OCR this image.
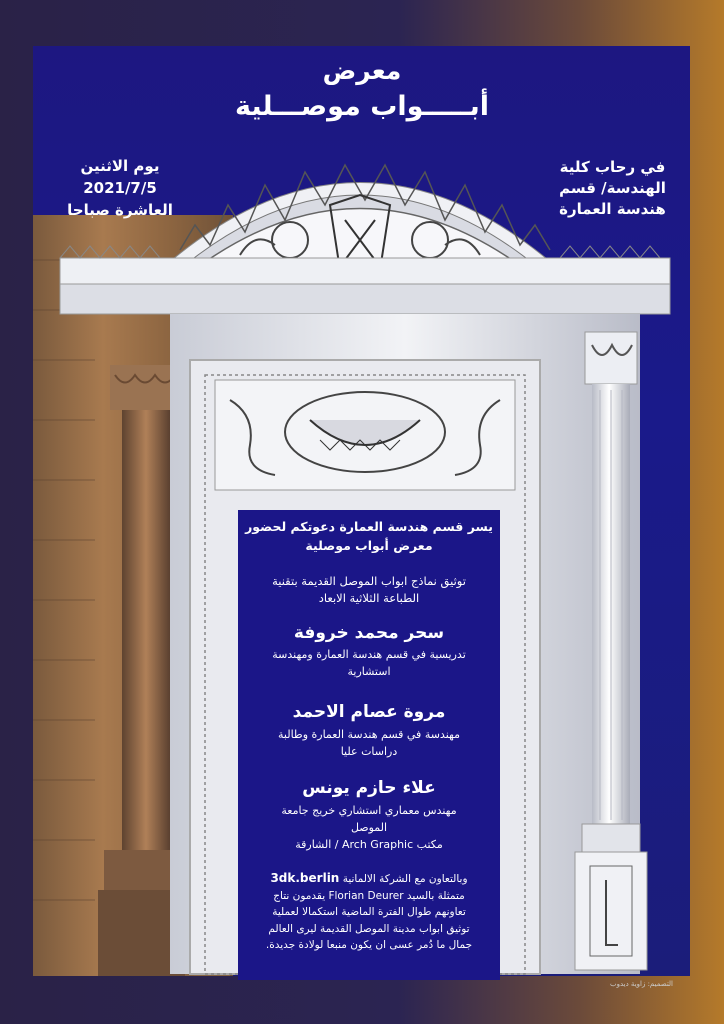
معرض
أبـــــواب موصـــلية
يوم الاثنين
2021/7/5
العاشرة صباحا
في رحاب كلية
الهندسة/ قسم
هندسة العمارة
يسر قسم هندسة العمارة دعوتكم لحضور
معرض أبواب موصلية
توثيق نماذج ابواب الموصل القديمة بتقنية
الطباعة الثلاثية الابعاد
سحر محمد خروفة
تدريسية في قسم هندسة العمارة ومهندسة
استشارية
مروة عصام الاحمد
مهندسة في قسم هندسة العمارة وطالبة
دراسات عليا
علاء حازم يونس
مهندس معماري استشاري خريج جامعة
الموصل
مكتب Arch Graphic / الشارقة
وبالتعاون مع الشركة الالمانية 3dk.berlin
متمثلة بالسيد Florian Deurer يقدمون نتاج
تعاونهم طوال الفترة الماضية استكمالا لعملية
توثيق ابواب مدينة الموصل القديمة ليرى العالم
جمال ما دُمر عسى ان يكون منبعا لولادة جديدة.
التصميم: زاوية ديدوب
